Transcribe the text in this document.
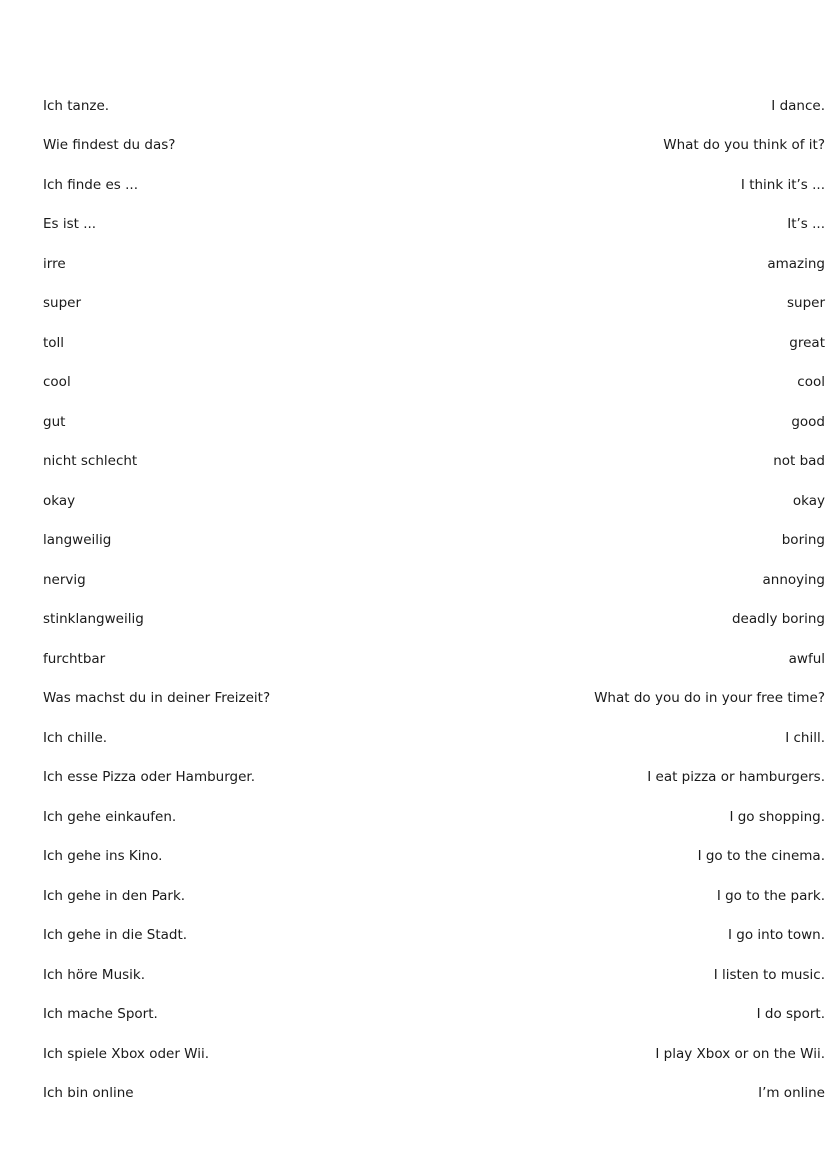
Ich tanze.	I dance.
Wie findest du das?	What do you think of it?
Ich finde es ...	I think it’s ...
Es ist ...	It’s ...
irre	amazing
super	super
toll	great
cool	cool
gut	good
nicht schlecht	not bad
okay	okay
langweilig	boring
nervig	annoying
stinklangweilig	deadly boring
furchtbar	awful
Was machst du in deiner Freizeit?	What do you do in your free time?
Ich chille.	I chill.
Ich esse Pizza oder Hamburger.	I eat pizza or hamburgers.
Ich gehe einkaufen.	I go shopping.
Ich gehe ins Kino.	I go to the cinema.
Ich gehe in den Park.	I go to the park.
Ich gehe in die Stadt.	I go into town.
Ich höre Musik.	I listen to music.
Ich mache Sport.	I do sport.
Ich spiele Xbox oder Wii.	I play Xbox or on the Wii.
Ich bin online	I’m online
